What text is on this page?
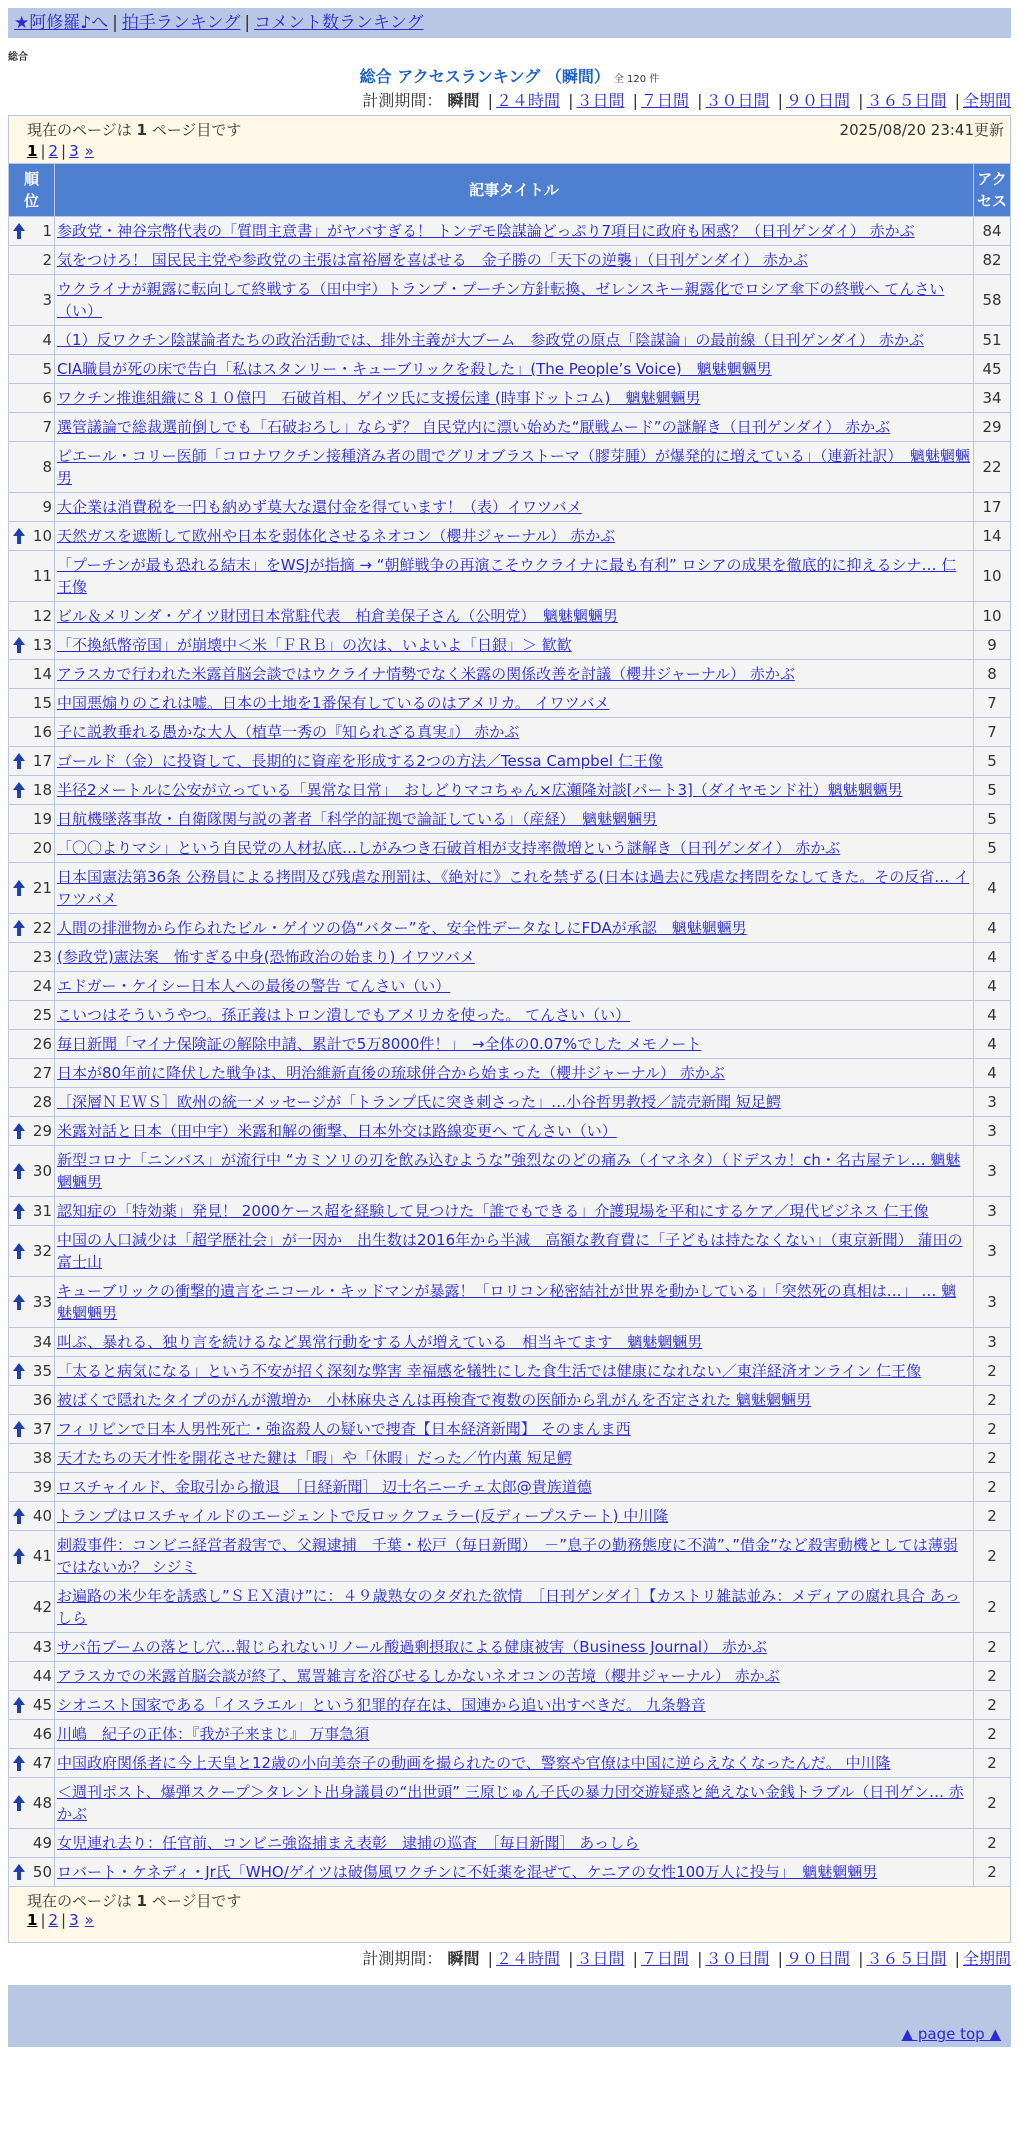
★阿修羅♪へ | 拍手ランキング | コメント数ランキング
総合
総合 アクセスランキング （瞬間） 全 120 件
計測期間： 瞬間 | ２４時間 | ３日間 | ７日間 | ３０日間 | ９０日間 | ３６５日間 | 全期間
現在のページは 1 ページ目です	2025/08/20 23:41更新
1 | 2 | 3 »
順位	記事タイトル	アクセス

1	参政党・神谷宗幣代表の「質問主意書」がヤバすぎる！ トンデモ陰謀論どっぷり7項目に政府も困惑？（日刊ゲンダイ） 赤かぶ	84
2	気をつけろ！ 国民民主党や参政党の主張は富裕層を喜ばせる　金子勝の「天下の逆襲」（日刊ゲンダイ） 赤かぶ	82
3	ウクライナが親露に転向して終戦する（田中宇）トランプ・プーチン方針転換、ゼレンスキー親露化でロシア傘下の終戦へ てんさい（い）	58
4	（1）反ワクチン陰謀論者たちの政治活動では、排外主義が大ブーム　参政党の原点「陰謀論」の最前線（日刊ゲンダイ） 赤かぶ	51
5	CIA職員が死の床で告白「私はスタンリー・キューブリックを殺した」(The People’s Voice)　魑魅魍魎男	45
6	ワクチン推進組織に８１０億円　石破首相、ゲイツ氏に支援伝達 (時事ドットコム)　魑魅魍魎男	34
7	選管議論で総裁選前倒しでも「石破おろし」ならず？ 自民党内に漂い始めた“厭戦ムード”の謎解き（日刊ゲンダイ） 赤かぶ	29
8	ピエール・コリー医師「コロナワクチン接種済み者の間でグリオブラストーマ（膠芽腫）が爆発的に増えている」（連新社訳）　魑魅魍魎男	22
9	大企業は消費税を一円も納めず莫大な還付金を得ています！（表）イワツバメ	17

10	天然ガスを遮断して欧州や日本を弱体化させるネオコン（櫻井ジャーナル） 赤かぶ	14
11	「プーチンが最も恐れる結末」をWSJが指摘 → “朝鮮戦争の再演こそウクライナに最も有利” ロシアの成果を徹底的に抑えるシナ… 仁王像	10
12	ビル＆メリンダ・ゲイツ財団日本常駐代表　柏倉美保子さん（公明党）　魑魅魍魎男	10

13	「不換紙幣帝国」が崩壊中＜米「ＦＲＢ」の次は、いよいよ「日銀」＞ 歓歓	9
14	アラスカで行われた米露首脳会談ではウクライナ情勢でなく米露の関係改善を討議（櫻井ジャーナル） 赤かぶ	8
15	中国悪煽りのこれは嘘。日本の土地を1番保有しているのはアメリカ。 イワツバメ	7
16	子に説教垂れる愚かな大人（植草一秀の『知られざる真実』） 赤かぶ	7

17	ゴールド（金）に投資して、長期的に資産を形成する2つの方法／Tessa Campbel 仁王像	5

18	半径2メートルに公安が立っている「異常な日常」　おしどりマコちゃん×広瀬隆対談[パート3]（ダイヤモンド社）魑魅魍魎男	5
19	日航機墜落事故・自衛隊関与説の著者「科学的証拠で論証している」（産経）　魑魅魍魎男	5
20	「〇〇よりマシ」という自民党の人材払底…しがみつき石破首相が支持率微増という謎解き（日刊ゲンダイ） 赤かぶ	5

21	日本国憲法第36条 公務員による拷問及び残虐な刑罰は、《絶対に》これを禁ずる(日本は過去に残虐な拷問をなしてきた。その反省… イワツバメ	4

22	人間の排泄物から作られたビル・ゲイツの偽“バター”を、安全性データなしにFDAが承認　魑魅魍魎男	4
23	(参政党)憲法案　怖すぎる中身(恐怖政治の始まり) イワツバメ	4
24	エドガー・ケイシー日本人への最後の警告 てんさい（い）	4
25	こいつはそういうやつ。孫正義はトロン潰しでもアメリカを使った。 てんさい（い）	4
26	毎日新聞「マイナ保険証の解除申請、累計で5万8000件！」　→全体の0.07%でした メモノート	4
27	日本が80年前に降伏した戦争は、明治維新直後の琉球併合から始まった（櫻井ジャーナル） 赤かぶ	4
28	［深層ＮＥＷＳ］欧州の統一メッセージが「トランプ氏に突き刺さった」…小谷哲男教授／読売新聞 短足鰐	3

29	米露対話と日本（田中宇）米露和解の衝撃、日本外交は路線変更へ てんさい（い）	3

30	新型コロナ「ニンバス」が流行中 “カミソリの刃を飲み込むような”強烈なのどの痛み（イマネタ）（ドデスカ！ch・名古屋テレ… 魑魅魍魎男	3

31	認知症の「特効薬」発見！ 2000ケース超を経験して見つけた「誰でもできる」介護現場を平和にするケア／現代ビジネス 仁王像	3

32	中国の人口減少は「超学歴社会」が一因か　出生数は2016年から半減　高額な教育費に「子どもは持たなくない」（東京新聞） 蒲田の富士山	3

33	キューブリックの衝撃的遺言をニコール・キッドマンが暴露！「ロリコン秘密結社が世界を動かしている」「突然死の真相は…」 … 魑魅魍魎男	3
34	叫ぶ、暴れる、独り言を続けるなど異常行動をする人が増えている　相当キてます　魑魅魍魎男	3

35	「太ると病気になる」という不安が招く深刻な弊害 幸福感を犠牲にした食生活では健康になれない／東洋経済オンライン 仁王像	2
36	被ばくで隠れたタイプのがんが激増か　小林麻央さんは再検査で複数の医師から乳がんを否定された 魑魅魍魎男	2

37	フィリピンで日本人男性死亡・強盗殺人の疑いで捜査【日本経済新聞】 そのまんま西	2
38	天才たちの天才性を開花させた鍵は「暇」や「休暇」だった／竹内薫 短足鰐	2
39	ロスチャイルド、金取引から撤退　［日経新聞］ 辺士名ニーチェ太郎@貴族道德	2

40	トランプはロスチャイルドのエージェントで反ロックフェラー(反ディープステート) 中川隆	2

41	刺殺事件：コンビニ経営者殺害で、父親逮捕　千葉・松戸（毎日新聞）　－”息子の勤務態度に不満”、”借金”など殺害動機としては薄弱ではないか？ シジミ	2
42	お遍路の米少年を誘惑し”ＳＥＸ漬け”に：４９歳熟女のタダれた欲情　［日刊ゲンダイ］【カストリ雑誌並み：メディアの腐れ具合 あっしら	2
43	サバ缶ブームの落とし穴…報じられないリノール酸過剰摂取による健康被害（Business Journal） 赤かぶ	2
44	アラスカでの米露首脳会談が終了、罵詈雑言を浴びせるしかないネオコンの苦境（櫻井ジャーナル） 赤かぶ	2

45	シオニスト国家である「イスラエル」という犯罪的存在は、国連から追い出すべきだ。 九条磐音	2
46	川嶋　紀子の正体：『我が子来まじ』 万事急須	2

47	中国政府関係者に今上天皇と12歳の小向美奈子の動画を撮られたので、警察や官僚は中国に逆らえなくなったんだ。 中川隆	2

48	＜週刊ポスト、爆弾スクープ＞タレント出身議員の“出世頭” 三原じゅん子氏の暴力団交遊疑惑と絶えない金銭トラブル（日刊ゲン… 赤かぶ	2
49	女児連れ去り：任官前、コンビニ強盗捕まえ表彰　逮捕の巡査　［毎日新聞］ あっしら	2

50	ロバート・ケネディ・Jr氏「WHO/ゲイツは破傷風ワクチンに不妊薬を混ぜて、ケニアの女性100万人に投与」　魑魅魍魎男	2
現在のページは 1 ページ目です
1 | 2 | 3 »
計測期間： 瞬間 | ２４時間 | ３日間 | ７日間 | ３０日間 | ９０日間 | ３６５日間 | 全期間
▲ page top ▲
